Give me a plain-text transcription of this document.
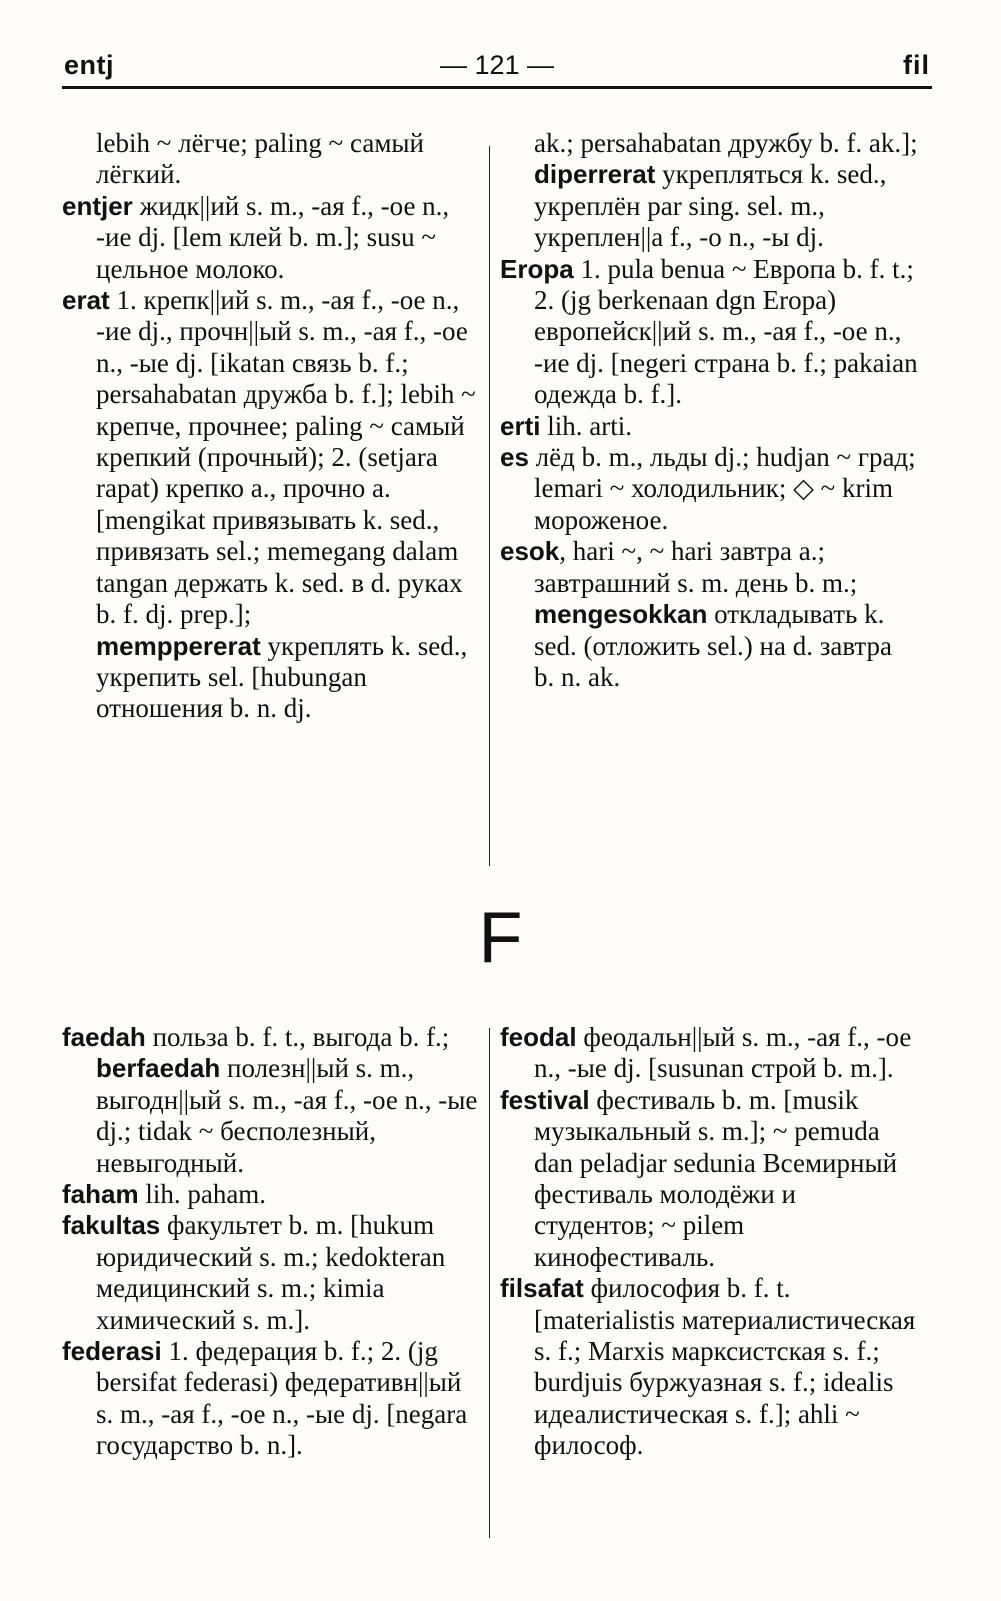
entj	— 121 —	fil

lebih ~ лёгче; paling ~ самый лёгкий.

entjer жидк||ий s. m., -ая f., -ое n., -ие dj. [lem клей b. m.]; susu ~ цельное молоко.

erat 1. крепк||ий s. m., -ая f., -ое n., -ие dj., прочн||ый s. m., -ая f., -ое n., -ые dj. [ikatan связь b. f.; persahabatan дружба b. f.]; lebih ~ крепче, прочнее; paling ~ самый крепкий (прочный); 2. (setjara rapat) крепко a., прочно a. [mengikat привязывать k. sed., привязать sel.; memegang dalam tangan держать k. sed. в d. руках b. f. dj. prep.];

memppererat укреплять k. sed., укрепить sel. [hubungan отношения b. n. dj.

ak.; persahabatan дружбу b. f. ak.];

diperrerat укрепляться k. sed., укреплён par sing. sel. m., укреплен||а f., -о n., -ы dj.

Eropa 1. pula benua ~ Европа b. f. t.; 2. (jg berkenaan dgn Eropa) европейск||ий s. m., -ая f., -ое n., -ие dj. [negeri страна b. f.; pakaian одежда b. f.].

erti lih. arti.

es лёд b. m., льды dj.; hudjan ~ град; lemari ~ холодильник; ◇ ~ krim мороженое.

esok, hari ~, ~ hari завтра a.; завтрашний s. m. день b. m.;

mengesokkan откладывать k. sed. (отложить sel.) на d. завтра b. n. ak.

F

faedah польза b. f. t., выгода b. f.;

berfaedah полезн||ый s. m., выгодн||ый s. m., -ая f., -ое n., -ые dj.; tidak ~ бесполезный, невыгодный.

faham lih. paham.

fakultas факультет b. m. [hukum юридический s. m.; kedokteran медицинский s. m.; kimia химический s. m.].

federasi 1. федерация b. f.; 2. (jg bersifat federasi) федеративн||ый s. m., -ая f., -ое n., -ые dj. [negara государство b. n.].

feodal феодальн||ый s. m., -ая f., -ое n., -ые dj. [susunan строй b. m.].

festival фестиваль b. m. [musik музыкальный s. m.]; ~ pemuda dan peladjar sedunia Всемирный фестиваль молодёжи и студентов; ~ pilem кинофестиваль.

filsafat философия b. f. t. [materialistis материалистическая s. f.; Marxis марксистская s. f.; burdjuis буржуазная s. f.; idealis идеалистическая s. f.]; ahli ~ философ.
